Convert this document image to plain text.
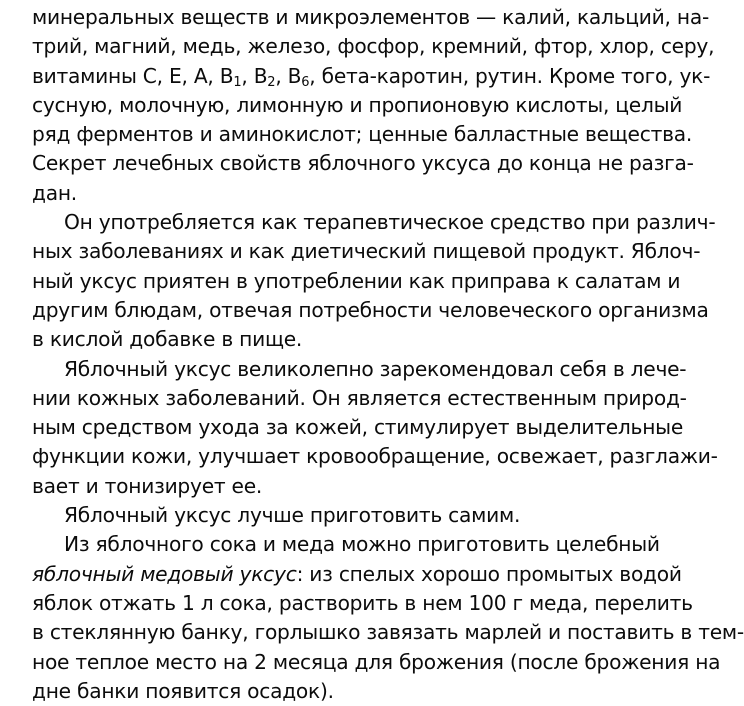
минеральных веществ и микроэлементов — калий, кальций, на-
трий, магний, медь, железо, фосфор, кремний, фтор, хлор, серу,
витамины С, Е, А, $В_1$, $В_2$, $В_6$, бета-каротин, рутин. Кроме того, ук-
сусную, молочную, лимонную и пропионовую кислоты, целый
ряд ферментов и аминокислот; ценные балластные вещества.
Секрет лечебных свойств яблочного уксуса до конца не разга-
дан.

Он употребляется как терапевтическое средство при различ-
ных заболеваниях и как диетический пищевой продукт. Яблоч-
ный уксус приятен в употреблении как приправа к салатам и
другим блюдам, отвечая потребности человеческого организма
в кислой добавке в пище.

Яблочный уксус великолепно зарекомендовал себя в лече-
нии кожных заболеваний. Он является естественным природ-
ным средством ухода за кожей, стимулирует выделительные
функции кожи, улучшает кровообращение, освежает, разглажи-
вает и тонизирует ее.

Яблочный уксус лучше приготовить самим.

Из яблочного сока и меда можно приготовить целебный
яблочный медовый уксус: из спелых хорошо промытых водой
яблок отжать 1 л сока, растворить в нем 100 г меда, перелить
в стеклянную банку, горлышко завязать марлей и поставить в тем-
ное теплое место на 2 месяца для брожения (после брожения на
дне банки появится осадок).
